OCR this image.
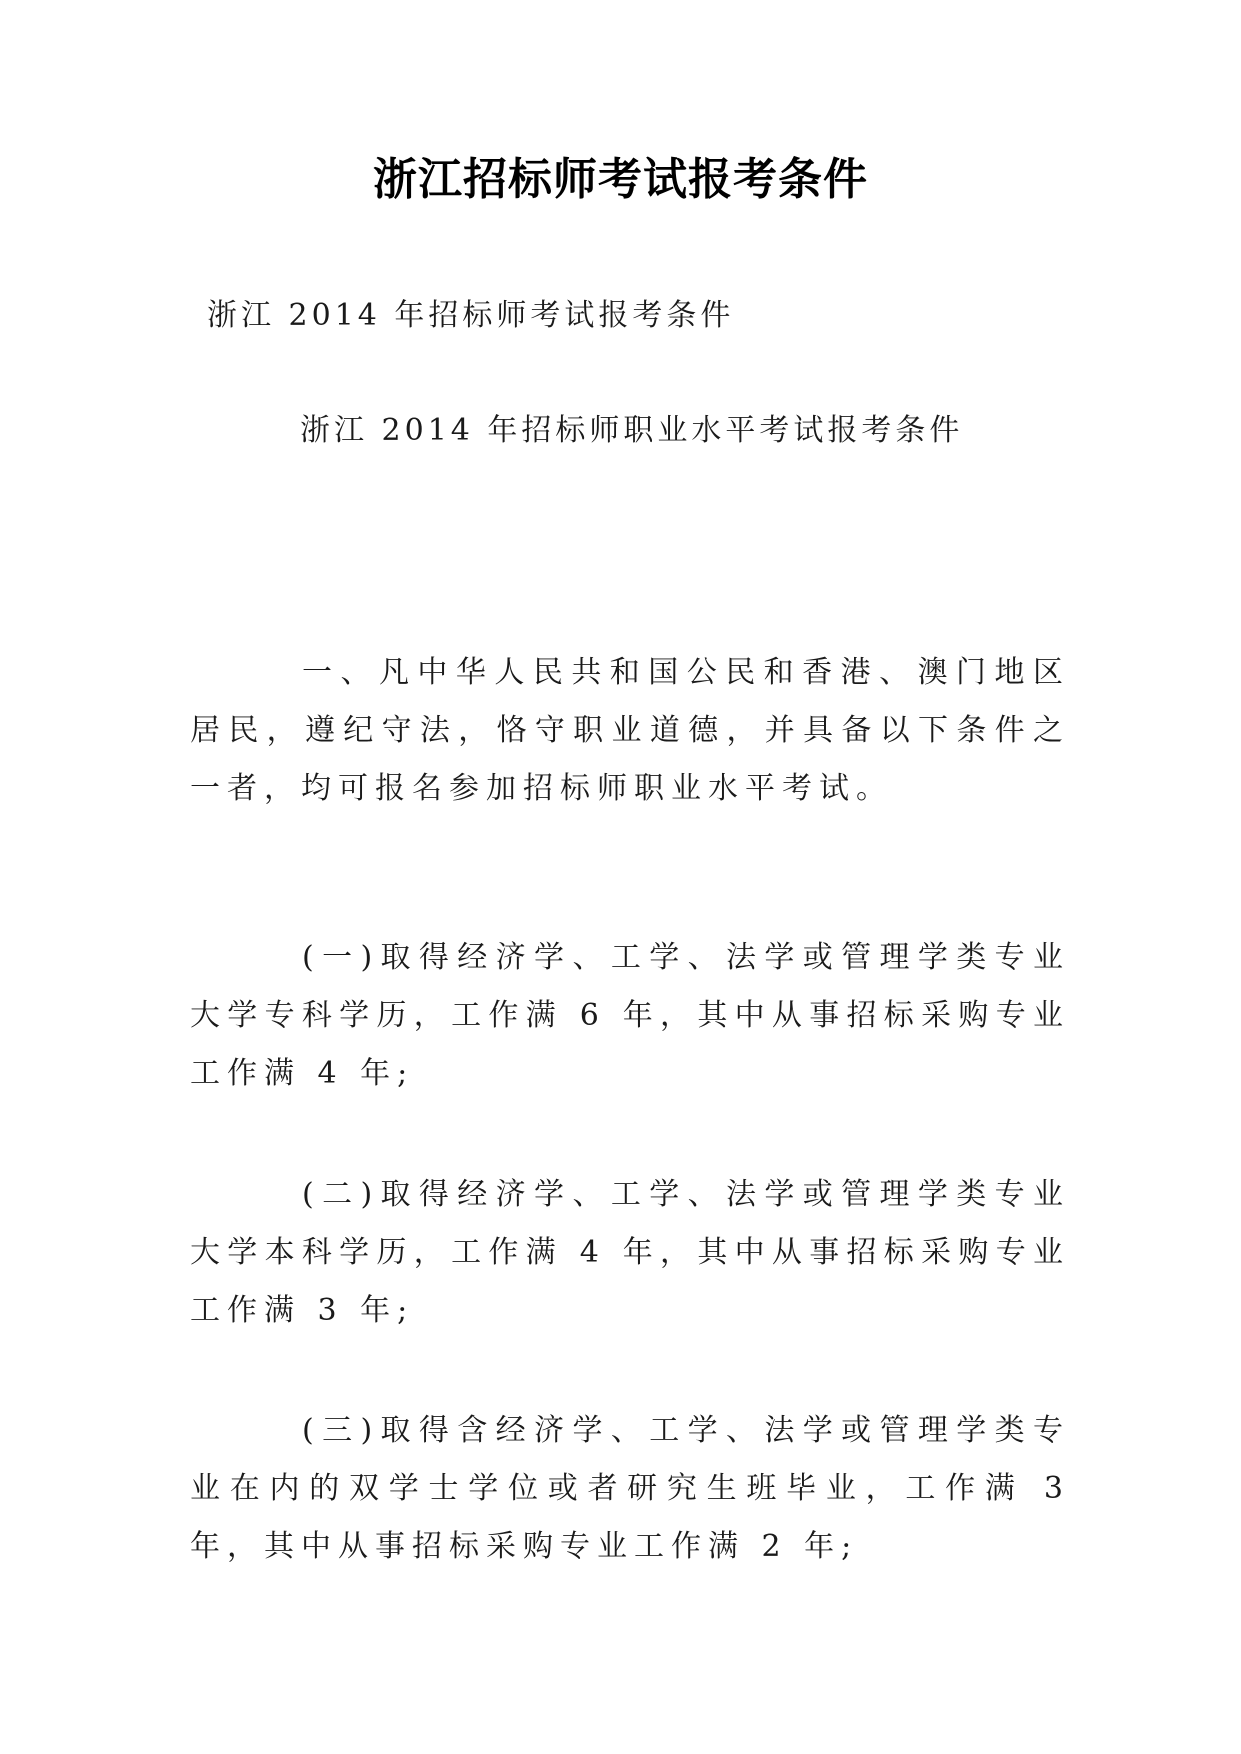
浙江招标师考试报考条件
浙江 2014 年招标师考试报考条件
浙江 2014 年招标师职业水平考试报考条件
一、凡中华人民共和国公民和香港、澳门地区居民，遵纪守法，恪守职业道德，并具备以下条件之一者，均可报名参加招标师职业水平考试。
(一)取得经济学、工学、法学或管理学类专业大学专科学历，工作满 6 年，其中从事招标采购专业工作满 4 年;
(二)取得经济学、工学、法学或管理学类专业大学本科学历，工作满 4 年，其中从事招标采购专业工作满 3 年;
(三)取得含经济学、工学、法学或管理学类专业在内的双学士学位或者研究生班毕业，工作满 3 年，其中从事招标采购专业工作满 2 年;
